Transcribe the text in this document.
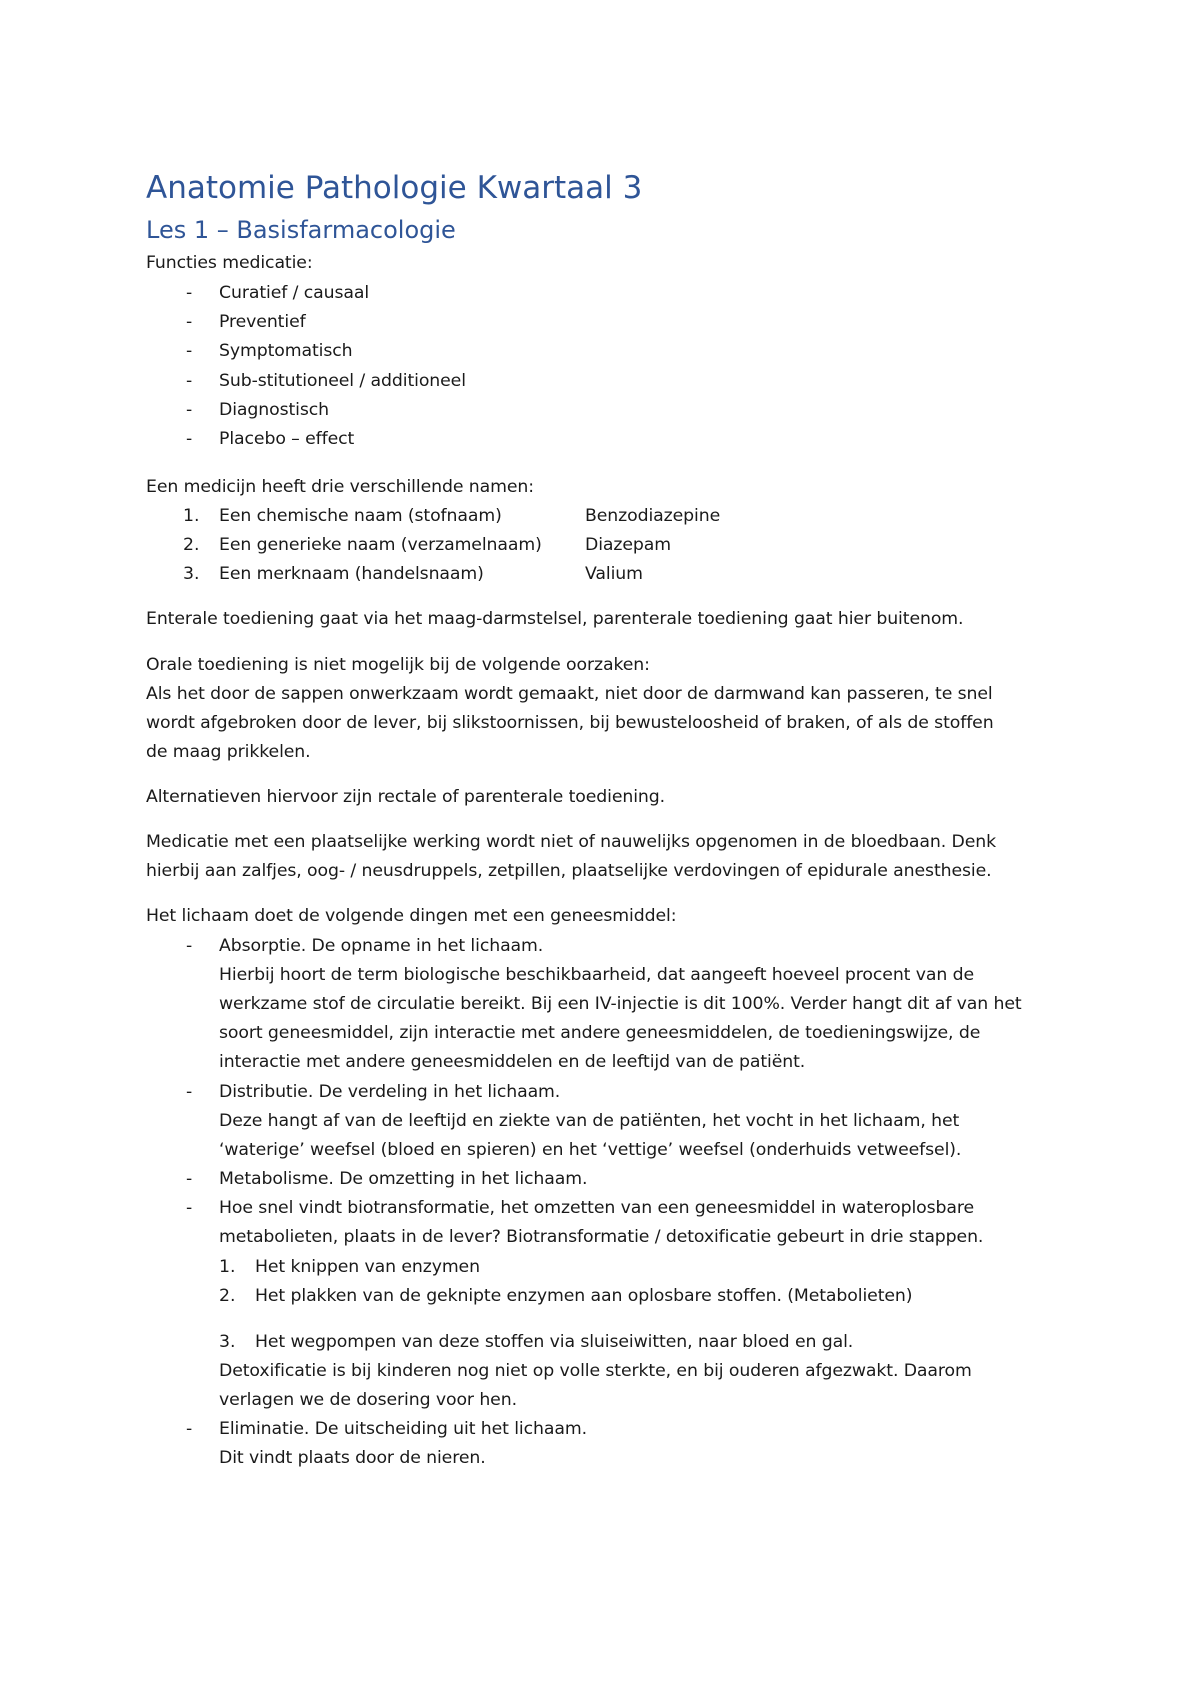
Anatomie Pathologie Kwartaal 3
Les 1 – Basisfarmacologie
Functies medicatie:
- Curatief / causaal
- Preventief
- Symptomatisch
- Sub-stitutioneel / additioneel
- Diagnostisch
- Placebo – effect
Een medicijn heeft drie verschillende namen:
1. Een chemische naam (stofnaam)	Benzodiazepine
2. Een generieke naam (verzamelnaam)	Diazepam
3. Een merknaam (handelsnaam)	Valium
Enterale toediening gaat via het maag-darmstelsel, parenterale toediening gaat hier buitenom.
Orale toediening is niet mogelijk bij de volgende oorzaken:
Als het door de sappen onwerkzaam wordt gemaakt, niet door de darmwand kan passeren, te snel
wordt afgebroken door de lever, bij slikstoornissen, bij bewusteloosheid of braken, of als de stoffen
de maag prikkelen.
Alternatieven hiervoor zijn rectale of parenterale toediening.
Medicatie met een plaatselijke werking wordt niet of nauwelijks opgenomen in de bloedbaan. Denk
hierbij aan zalfjes, oog- / neusdruppels, zetpillen, plaatselijke verdovingen of epidurale anesthesie.
Het lichaam doet de volgende dingen met een geneesmiddel:
- Absorptie. De opname in het lichaam.
Hierbij hoort de term biologische beschikbaarheid, dat aangeeft hoeveel procent van de
werkzame stof de circulatie bereikt. Bij een IV-injectie is dit 100%. Verder hangt dit af van het
soort geneesmiddel, zijn interactie met andere geneesmiddelen, de toedieningswijze, de
interactie met andere geneesmiddelen en de leeftijd van de patiënt.
- Distributie. De verdeling in het lichaam.
Deze hangt af van de leeftijd en ziekte van de patiënten, het vocht in het lichaam, het
‘waterige’ weefsel (bloed en spieren) en het ‘vettige’ weefsel (onderhuids vetweefsel).
- Metabolisme. De omzetting in het lichaam.
- Hoe snel vindt biotransformatie, het omzetten van een geneesmiddel in wateroplosbare
metabolieten, plaats in de lever? Biotransformatie / detoxificatie gebeurt in drie stappen.
1. Het knippen van enzymen
2. Het plakken van de geknipte enzymen aan oplosbare stoffen. (Metabolieten)
3. Het wegpompen van deze stoffen via sluiseiwitten, naar bloed en gal.
Detoxificatie is bij kinderen nog niet op volle sterkte, en bij ouderen afgezwakt. Daarom
verlagen we de dosering voor hen.
- Eliminatie. De uitscheiding uit het lichaam.
Dit vindt plaats door de nieren.
